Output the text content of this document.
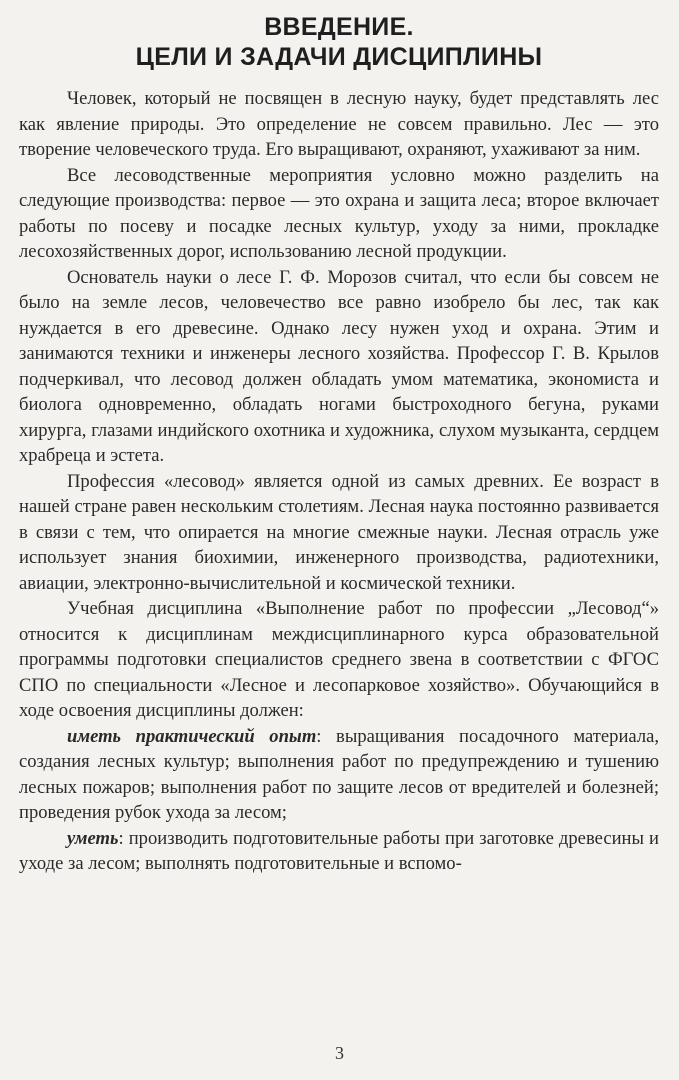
ВВЕДЕНИЕ.
ЦЕЛИ И ЗАДАЧИ ДИСЦИПЛИНЫ

Человек, который не посвящен в лесную науку, будет представлять лес как явление природы. Это определение не совсем правильно. Лес — это творение человеческого труда. Его выращивают, охраняют, ухаживают за ним.

Все лесоводственные мероприятия условно можно разделить на следующие производства: первое — это охрана и защита леса; второе включает работы по посеву и посадке лесных культур, уходу за ними, прокладке лесохозяйственных дорог, использованию лесной продукции.

Основатель науки о лесе Г. Ф. Морозов считал, что если бы совсем не было на земле лесов, человечество все равно изобрело бы лес, так как нуждается в его древесине. Однако лесу нужен уход и охрана. Этим и занимаются техники и инженеры лесного хозяйства. Профессор Г. В. Крылов подчеркивал, что лесовод должен обладать умом математика, экономиста и биолога одновременно, обладать ногами быстроходного бегуна, руками хирурга, глазами индийского охотника и художника, слухом музыканта, сердцем храбреца и эстета.

Профессия «лесовод» является одной из самых древних. Ее возраст в нашей стране равен нескольким столетиям. Лесная наука постоянно развивается в связи с тем, что опирается на многие смежные науки. Лесная отрасль уже использует знания биохимии, инженерного производства, радиотехники, авиации, электронно-вычислительной и космической техники.

Учебная дисциплина «Выполнение работ по профессии „Лесовод“» относится к дисциплинам междисциплинарного курса образовательной программы подготовки специалистов среднего звена в соответствии с ФГОС СПО по специальности «Лесное и лесопарковое хозяйство». Обучающийся в ходе освоения дисциплины должен:

иметь практический опыт: выращивания посадочного материала, создания лесных культур; выполнения работ по предупреждению и тушению лесных пожаров; выполнения работ по защите лесов от вредителей и болезней; проведения рубок ухода за лесом;

уметь: производить подготовительные работы при заготовке древесины и уходе за лесом; выполнять подготовительные и вспомо-

3
